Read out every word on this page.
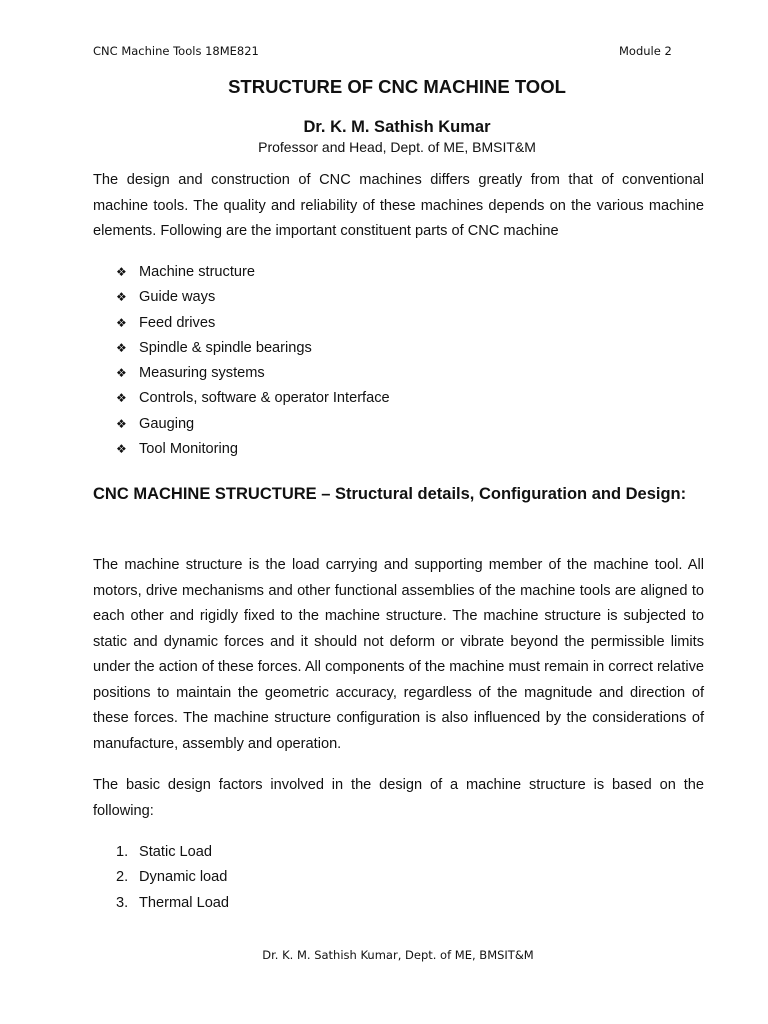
CNC Machine Tools 18ME821	Module 2
STRUCTURE OF CNC MACHINE TOOL
Dr. K. M. Sathish Kumar
Professor and Head, Dept. of ME, BMSIT&M

The design and construction of CNC machines differs greatly from that of conventional machine tools. The quality and reliability of these machines depends on the various machine elements. Following are the important constituent parts of CNC machine

❖ Machine structure
❖ Guide ways
❖ Feed drives
❖ Spindle & spindle bearings
❖ Measuring systems
❖ Controls, software & operator Interface
❖ Gauging
❖ Tool Monitoring
CNC MACHINE STRUCTURE – Structural details, Configuration and Design:

The machine structure is the load carrying and supporting member of the machine tool. All motors, drive mechanisms and other functional assemblies of the machine tools are aligned to each other and rigidly fixed to the machine structure. The machine structure is subjected to static and dynamic forces and it should not deform or vibrate beyond the permissible limits under the action of these forces. All components of the machine must remain in correct relative positions to maintain the geometric accuracy, regardless of the magnitude and direction of these forces. The machine structure configuration is also influenced by the considerations of manufacture, assembly and operation.

The basic design factors involved in the design of a machine structure is based on the following:

1. Static Load
2. Dynamic load
3. Thermal Load
Dr. K. M. Sathish Kumar, Dept. of ME, BMSIT&M
